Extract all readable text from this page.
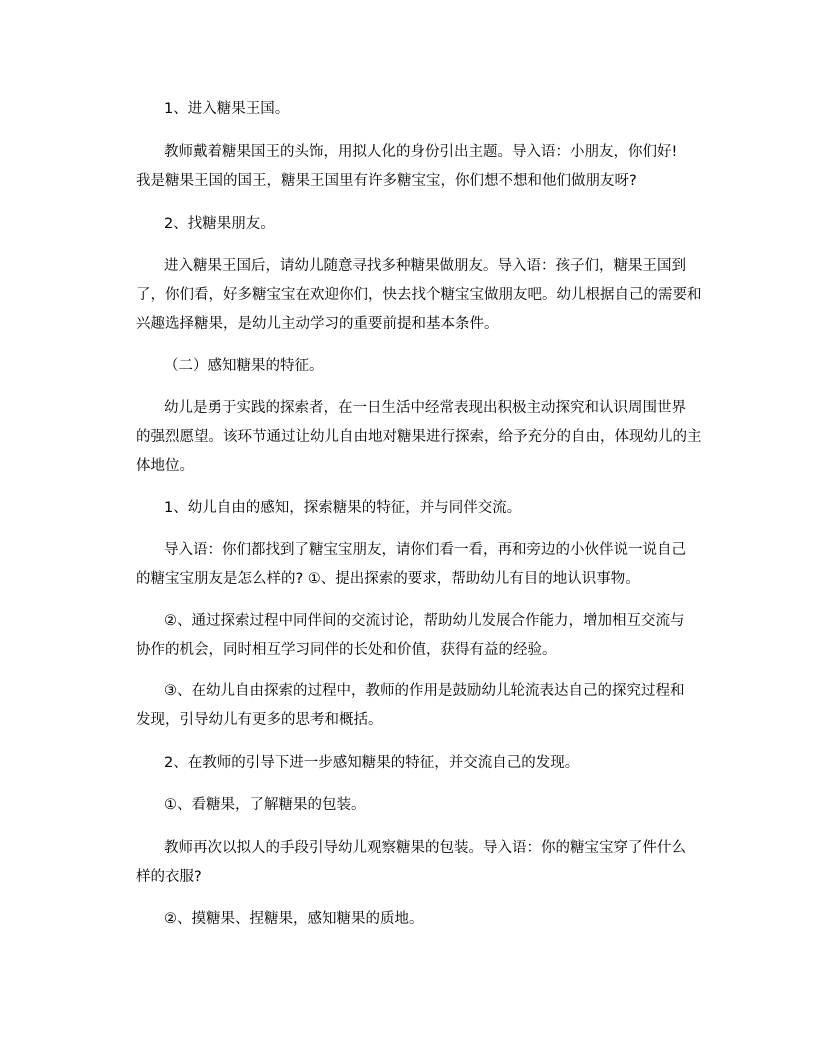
1、进入糖果王国。

教师戴着糖果国王的头饰，用拟人化的身份引出主题。导入语：小朋友，你们好!
我是糖果王国的国王，糖果王国里有许多糖宝宝，你们想不想和他们做朋友呀?

2、找糖果朋友。

进入糖果王国后，请幼儿随意寻找多种糖果做朋友。导入语：孩子们，糖果王国到
了，你们看，好多糖宝宝在欢迎你们，快去找个糖宝宝做朋友吧。幼儿根据自己的需要和
兴趣选择糖果，是幼儿主动学习的重要前提和基本条件。

（二）感知糖果的特征。

幼儿是勇于实践的探索者，在一日生活中经常表现出积极主动探究和认识周围世界
的强烈愿望。该环节通过让幼儿自由地对糖果进行探索，给予充分的自由，体现幼儿的主
体地位。

1、幼儿自由的感知，探索糖果的特征，并与同伴交流。

导入语：你们都找到了糖宝宝朋友，请你们看一看，再和旁边的小伙伴说一说自己
的糖宝宝朋友是怎么样的? ①、提出探索的要求，帮助幼儿有目的地认识事物。

②、通过探索过程中同伴间的交流讨论，帮助幼儿发展合作能力，增加相互交流与
协作的机会，同时相互学习同伴的长处和价值，获得有益的经验。

③、在幼儿自由探索的过程中，教师的作用是鼓励幼儿轮流表达自己的探究过程和
发现，引导幼儿有更多的思考和概括。

2、在教师的引导下进一步感知糖果的特征，并交流自己的发现。

①、看糖果，了解糖果的包装。

教师再次以拟人的手段引导幼儿观察糖果的包装。导入语：你的糖宝宝穿了件什么
样的衣服?

②、摸糖果、捏糖果，感知糖果的质地。
